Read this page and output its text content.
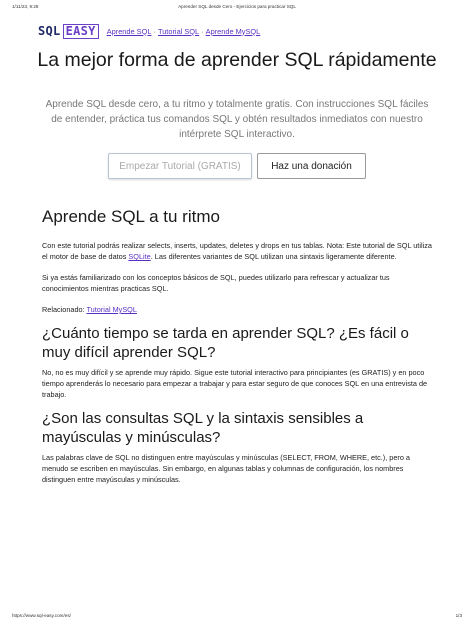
1/11/23, 9:28	Aprender SQL desde Cero - Ejercicios para practicar SQL
SQL EASY	Aprende SQL · Tutorial SQL · Aprende MySQL
La mejor forma de aprender SQL rápidamente

Aprende SQL desde cero, a tu ritmo y totalmente gratis. Con instrucciones SQL fáciles de entender, práctica tus comandos SQL y obtén resultados inmediatos con nuestro intérprete SQL interactivo.

Empezar Tutorial (GRATIS)	Haz una donación
Aprende SQL a tu ritmo

Con este tutorial podrás realizar selects, inserts, updates, deletes y drops en tus tablas. Nota: Este tutorial de SQL utiliza el motor de base de datos SQLite. Las diferentes variantes de SQL utilizan una sintaxis ligeramente diferente.

Si ya estás familiarizado con los conceptos básicos de SQL, puedes utilizarlo para refrescar y actualizar tus conocimientos mientras practicas SQL.

Relacionado: Tutorial MySQL

¿Cuánto tiempo se tarda en aprender SQL? ¿Es fácil o muy difícil aprender SQL?

No, no es muy difícil y se aprende muy rápido. Sigue este tutorial interactivo para principiantes (es GRATIS) y en poco tiempo aprenderás lo necesario para empezar a trabajar y para estar seguro de que conoces SQL en una entrevista de trabajo.

¿Son las consultas SQL y la sintaxis sensibles a mayúsculas y minúsculas?

Las palabras clave de SQL no distinguen entre mayúsculas y minúsculas (SELECT, FROM, WHERE, etc.), pero a menudo se escriben en mayúsculas. Sin embargo, en algunas tablas y columnas de configuración, los nombres distinguen entre mayúsculas y minúsculas.

https://www.sql-easy.com/es/	1/3
